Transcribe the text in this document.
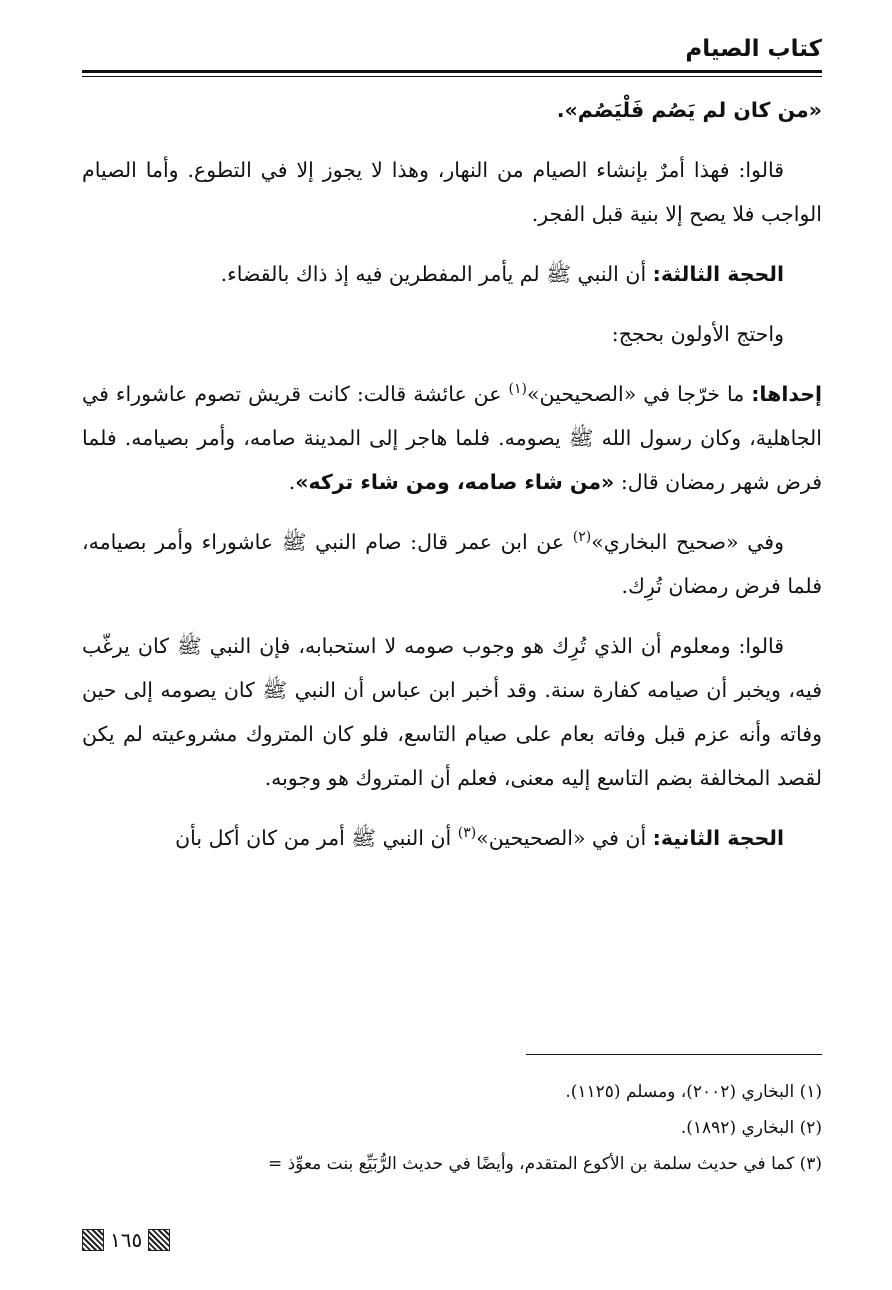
كتاب الصيام

«من كان لم يَصُم فَلْيَصُم».

قالوا: فهذا أمرٌ بإنشاء الصيام من النهار، وهذا لا يجوز إلا في التطوع. وأما الصيام الواجب فلا يصح إلا بنية قبل الفجر.

الحجة الثالثة: أن النبي ﷺ لم يأمر المفطرين فيه إذ ذاك بالقضاء.

واحتج الأولون بحجج:

إحداها: ما خرّجا في «الصحيحين»$^{(١)}$ عن عائشة قالت: كانت قريش تصوم عاشوراء في الجاهلية، وكان رسول الله ﷺ يصومه. فلما هاجر إلى المدينة صامه، وأمر بصيامه. فلما فرض شهر رمضان قال: «من شاء صامه، ومن شاء تركه».

وفي «صحيح البخاري»$^{(٢)}$ عن ابن عمر قال: صام النبي ﷺ عاشوراء وأمر بصيامه، فلما فرض رمضان تُرِك.

قالوا: ومعلوم أن الذي تُرِك هو وجوب صومه لا استحبابه، فإن النبي ﷺ كان يرغّب فيه، ويخبر أن صيامه كفارة سنة. وقد أخبر ابن عباس أن النبي ﷺ كان يصومه إلى حين وفاته وأنه عزم قبل وفاته بعام على صيام التاسع، فلو كان المتروك مشروعيته لم يكن لقصد المخالفة بضم التاسع إليه معنى، فعلم أن المتروك هو وجوبه.

الحجة الثانية: أن في «الصحيحين»$^{(٣)}$ أن النبي ﷺ أمر من كان أكل بأن

(١) البخاري (٢٠٠٢)، ومسلم (١١٢٥).
(٢) البخاري (١٨٩٢).
(٣) كما في حديث سلمة بن الأكوع المتقدم، وأيضًا في حديث الرُّبَيِّع بنت معوِّذ =
١٦٥
